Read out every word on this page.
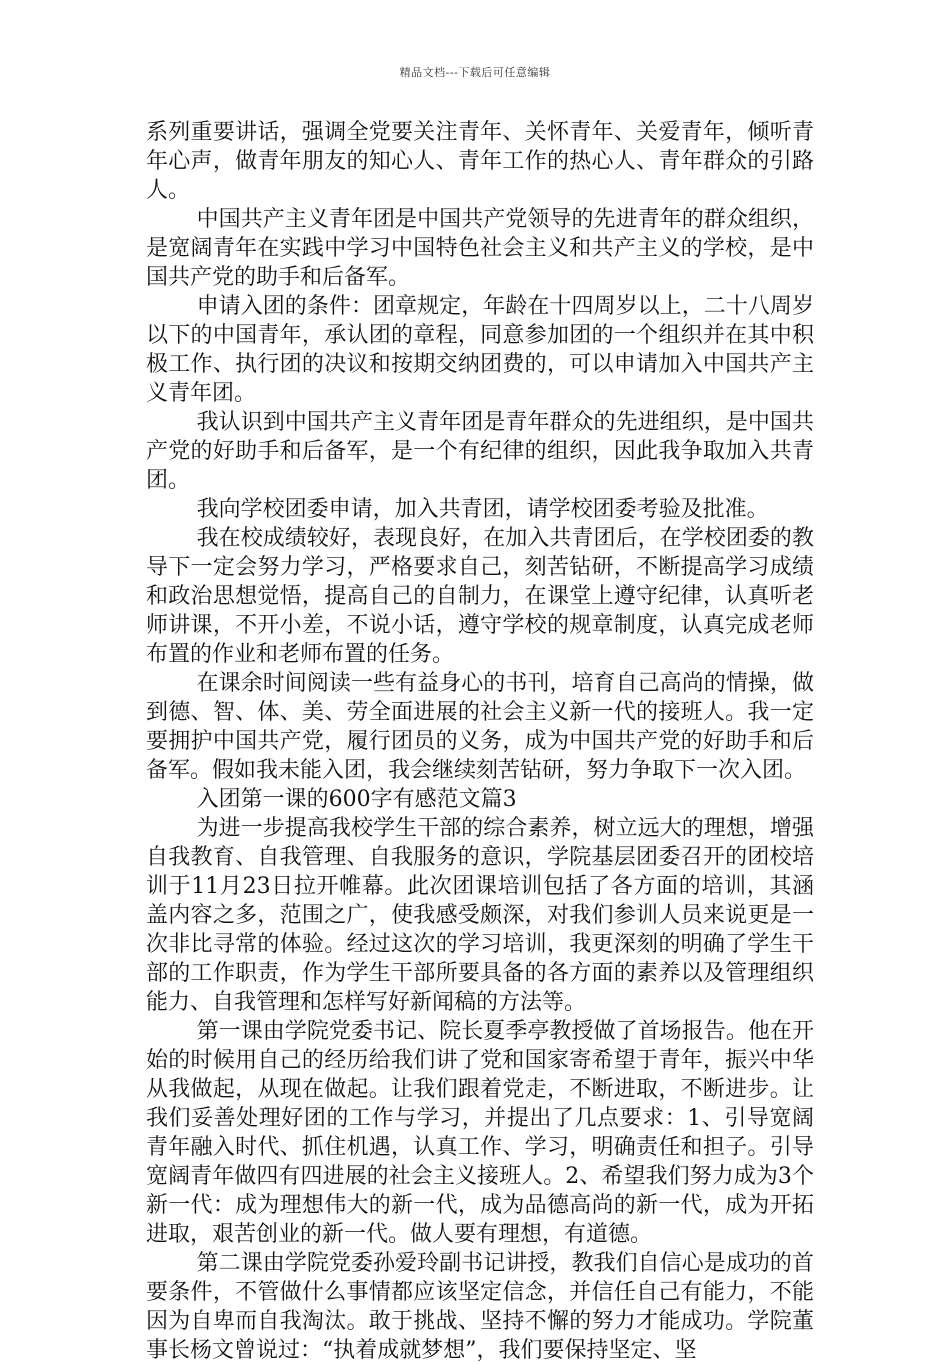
精品文档---下载后可任意编辑

系列重要讲话，强调全党要关注青年、关怀青年、关爱青年，倾听青年心声，做青年朋友的知心人、青年工作的热心人、青年群众的引路人。

中国共产主义青年团是中国共产党领导的先进青年的群众组织，是宽阔青年在实践中学习中国特色社会主义和共产主义的学校，是中国共产党的助手和后备军。

申请入团的条件：团章规定，年龄在十四周岁以上，二十八周岁以下的中国青年，承认团的章程，同意参加团的一个组织并在其中积极工作、执行团的决议和按期交纳团费的，可以申请加入中国共产主义青年团。

我认识到中国共产主义青年团是青年群众的先进组织，是中国共产党的好助手和后备军，是一个有纪律的组织，因此我争取加入共青团。

我向学校团委申请，加入共青团，请学校团委考验及批准。

我在校成绩较好，表现良好，在加入共青团后，在学校团委的教导下一定会努力学习，严格要求自己，刻苦钻研，不断提高学习成绩和政治思想觉悟，提高自己的自制力，在课堂上遵守纪律，认真听老师讲课，不开小差，不说小话，遵守学校的规章制度，认真完成老师布置的作业和老师布置的任务。

在课余时间阅读一些有益身心的书刊，培育自己高尚的情操，做到德、智、体、美、劳全面进展的社会主义新一代的接班人。我一定要拥护中国共产党，履行团员的义务，成为中国共产党的好助手和后备军。假如我未能入团，我会继续刻苦钻研，努力争取下一次入团。

入团第一课的600字有感范文篇3

为进一步提高我校学生干部的综合素养，树立远大的理想，增强自我教育、自我管理、自我服务的意识，学院基层团委召开的团校培训于11月23日拉开帷幕。此次团课培训包括了各方面的培训，其涵盖内容之多，范围之广，使我感受颇深，对我们参训人员来说更是一次非比寻常的体验。经过这次的学习培训，我更深刻的明确了学生干部的工作职责，作为学生干部所要具备的各方面的素养以及管理组织能力、自我管理和怎样写好新闻稿的方法等。

第一课由学院党委书记、院长夏季亭教授做了首场报告。他在开始的时候用自己的经历给我们讲了党和国家寄希望于青年，振兴中华从我做起，从现在做起。让我们跟着党走，不断进取，不断进步。让我们妥善处理好团的工作与学习，并提出了几点要求：1、引导宽阔青年融入时代、抓住机遇，认真工作、学习，明确责任和担子。引导宽阔青年做四有四进展的社会主义接班人。2、希望我们努力成为3个新一代：成为理想伟大的新一代，成为品德高尚的新一代，成为开拓进取，艰苦创业的新一代。做人要有理想，有道德。

第二课由学院党委孙爱玲副书记讲授，教我们自信心是成功的首要条件，不管做什么事情都应该坚定信念，并信任自己有能力，不能因为自卑而自我淘汰。敢于挑战、坚持不懈的努力才能成功。学院董事长杨文曾说过：“执着成就梦想”，我们要保持坚定、坚
